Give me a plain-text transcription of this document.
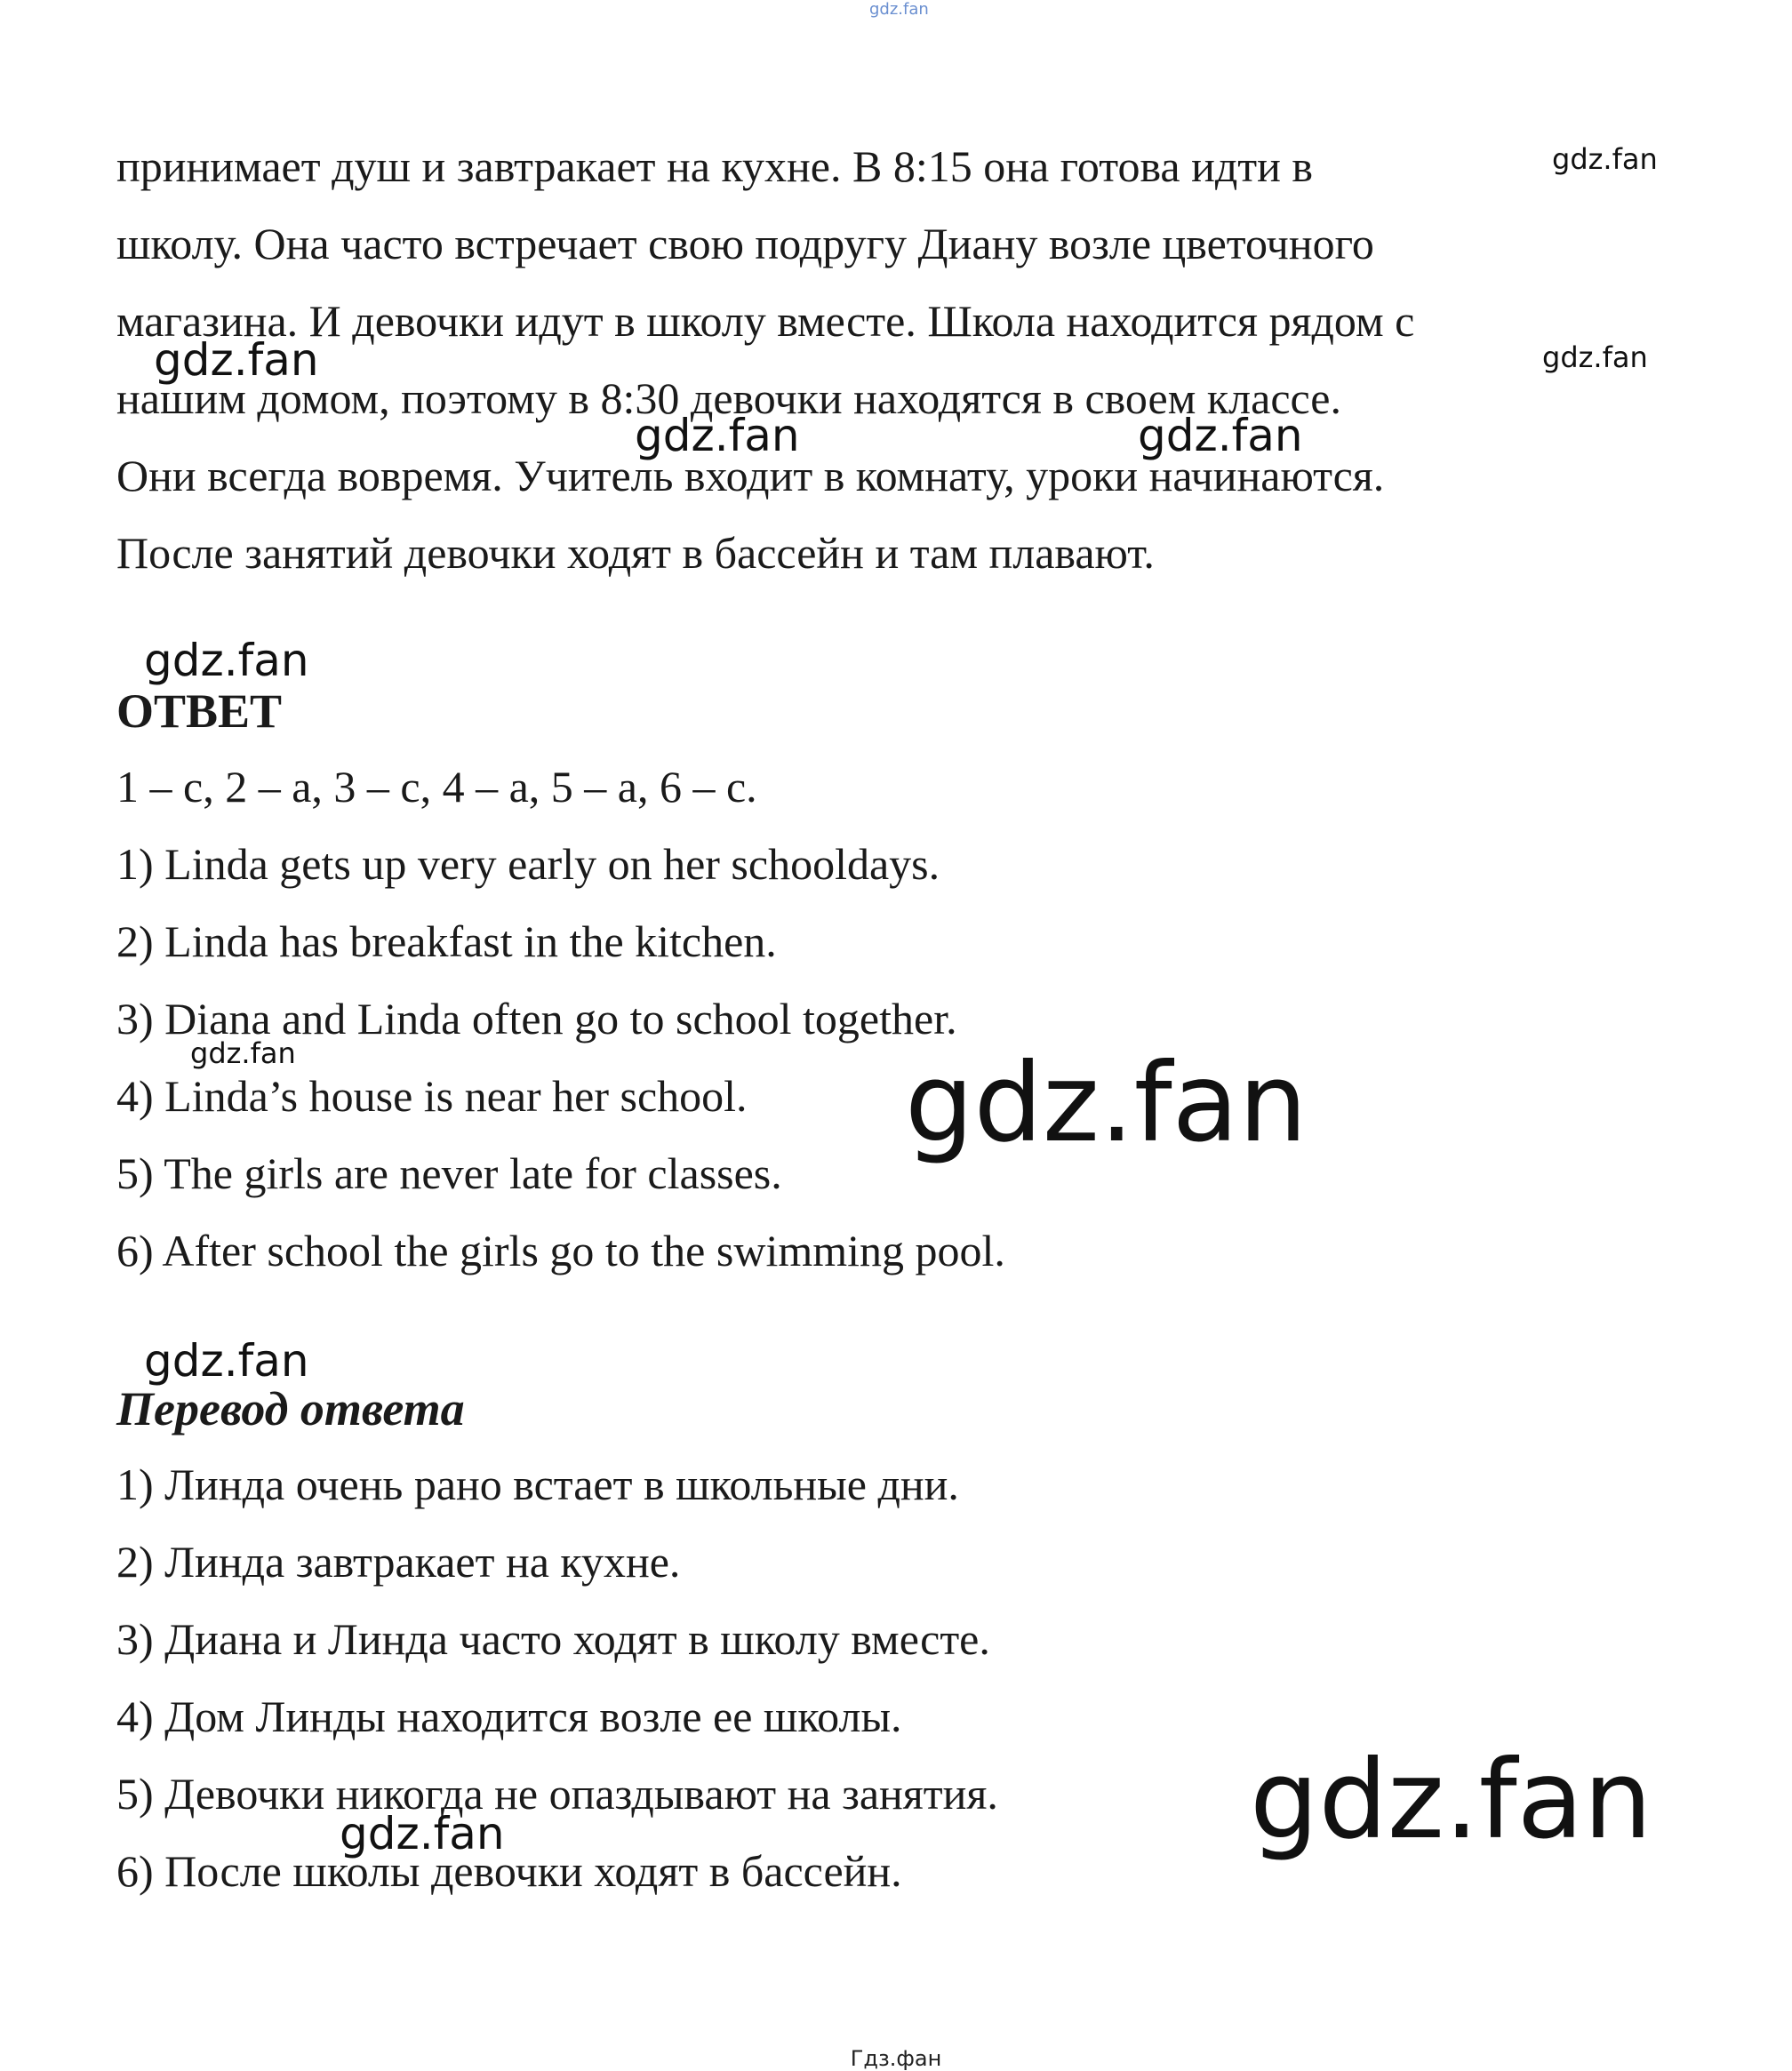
gdz.fan
принимает душ и завтракает на кухне. В 8:15 она готова идти в
школу. Она часто встречает свою подругу Диану возле цветочного
магазина. И девочки идут в школу вместе. Школа находится рядом с
нашим домом, поэтому в 8:30 девочки находятся в своем классе.
Они всегда вовремя. Учитель входит в комнату, уроки начинаются.
После занятий девочки ходят в бассейн и там плавают.
ОТВЕТ
1 – c, 2 – a, 3 – c, 4 – a, 5 – a, 6 – c.
1) Linda gets up very early on her schooldays.
2) Linda has breakfast in the kitchen.
3) Diana and Linda often go to school together.
4) Linda’s house is near her school.
5) The girls are never late for classes.
6) After school the girls go to the swimming pool.
Перевод ответа
1) Линда очень рано встает в школьные дни.
2) Линда завтракает на кухне.
3) Диана и Линда часто ходят в школу вместе.
4) Дом Линды находится возле ее школы.
5) Девочки никогда не опаздывают на занятия.
6) После школы девочки ходят в бассейн.
gdz.fan
gdz.fan	gdz.fan
gdz.fan	gdz.fan
gdz.fan
gdz.fan	gdz.fan
gdz.fan
gdz.fan
gdz.fan
Гдз.фан
